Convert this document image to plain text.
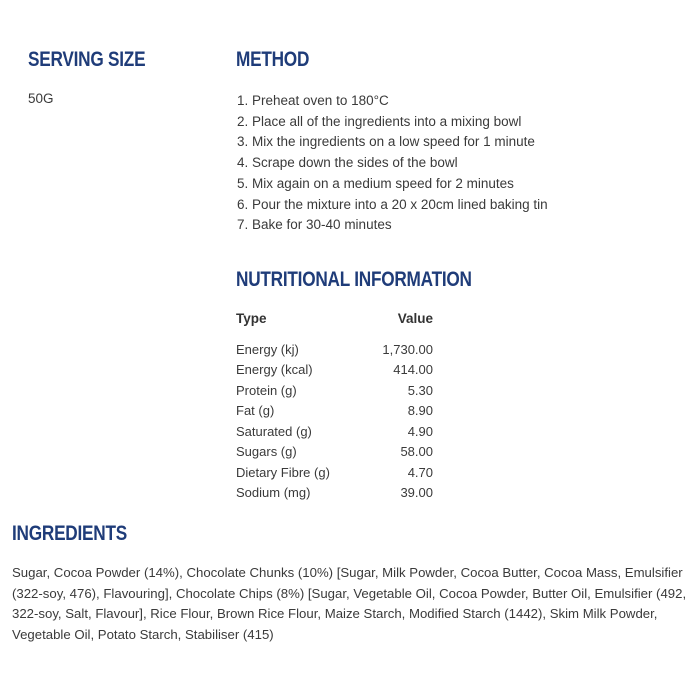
SERVING SIZE
50G
METHOD
1. Preheat oven to 180°C
2. Place all of the ingredients into a mixing bowl
3. Mix the ingredients on a low speed for 1 minute
4. Scrape down the sides of the bowl
5. Mix again on a medium speed for 2 minutes
6. Pour the mixture into a 20 x 20cm lined baking tin
7. Bake for 30-40 minutes
NUTRITIONAL INFORMATION
Type	Value
Energy (kj)	1,730.00
Energy (kcal)	414.00
Protein (g)	5.30
Fat (g)	8.90
Saturated (g)	4.90
Sugars (g)	58.00
Dietary Fibre (g)	4.70
Sodium (mg)	39.00
INGREDIENTS

Sugar, Cocoa Powder (14%), Chocolate Chunks (10%) [Sugar, Milk Powder, Cocoa Butter, Cocoa Mass, Emulsifier (322-soy, 476), Flavouring], Chocolate Chips (8%) [Sugar, Vegetable Oil, Cocoa Powder, Butter Oil, Emulsifier (492, 322-soy, Salt, Flavour], Rice Flour, Brown Rice Flour, Maize Starch, Modified Starch (1442), Skim Milk Powder, Vegetable Oil, Potato Starch, Stabiliser (415)
